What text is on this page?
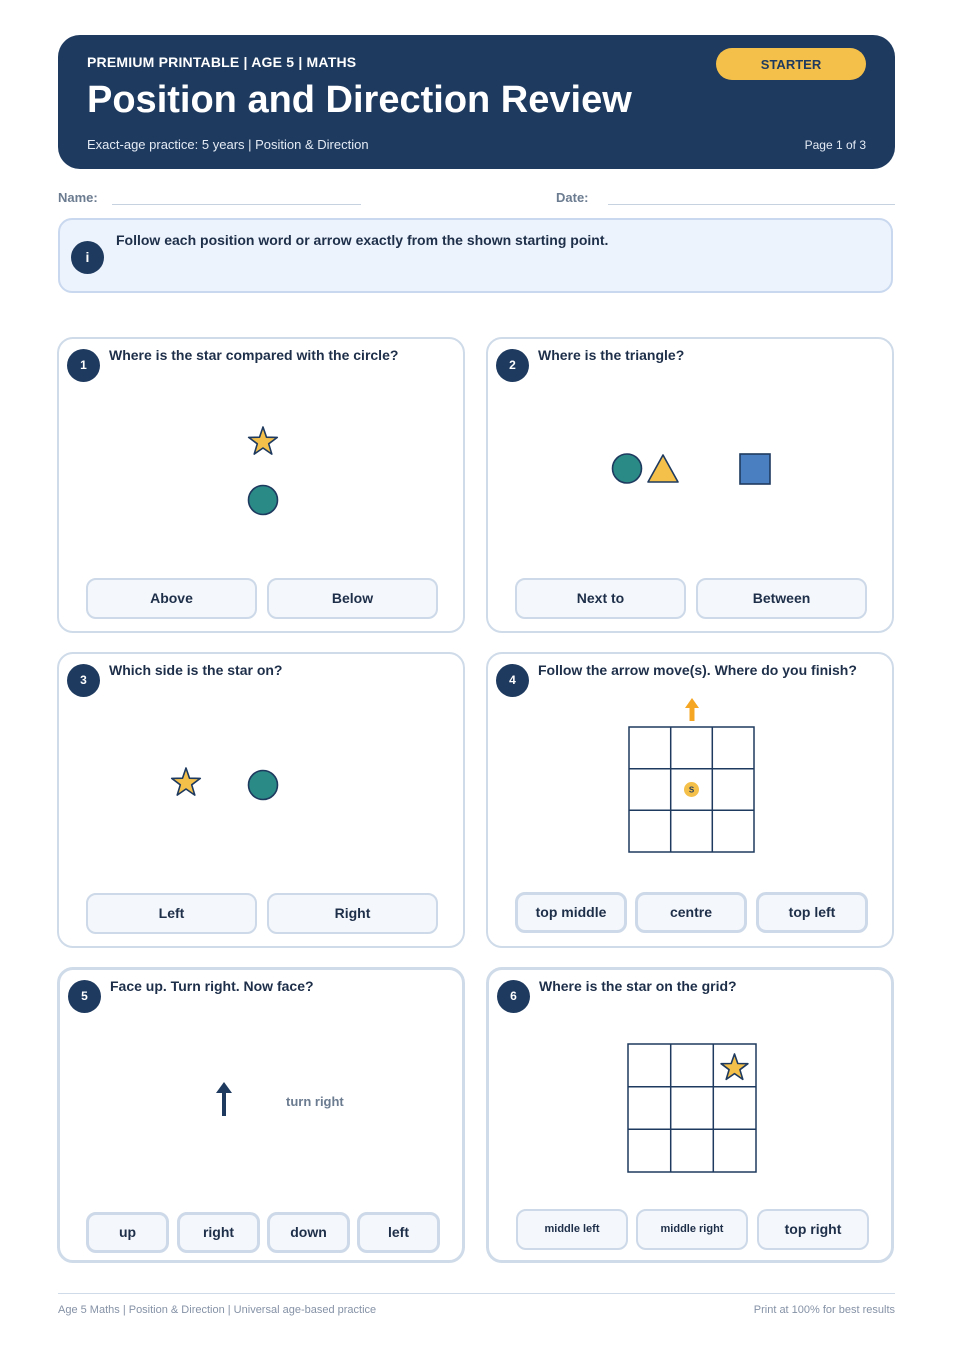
PREMIUM PRINTABLE | AGE 5 | MATHS
Position and Direction Review
Exact-age practice: 5 years | Position & Direction	Page 1 of 3
STARTER
Name:	Date:
i
Follow each position word or arrow exactly from the shown starting point.
1
Where is the star compared with the circle?
Above	Below
2
Where is the triangle?
Next to	Between
3
Which side is the star on?
Left	Right
4
Follow the arrow move(s). Where do you finish?
S
top middle	centre	top left
5
Face up. Turn right. Now face?
turn right
up	right	down	left
6
Where is the star on the grid?
middle left	middle right	top right
Age 5 Maths | Position & Direction | Universal age-based practice	Print at 100% for best results
